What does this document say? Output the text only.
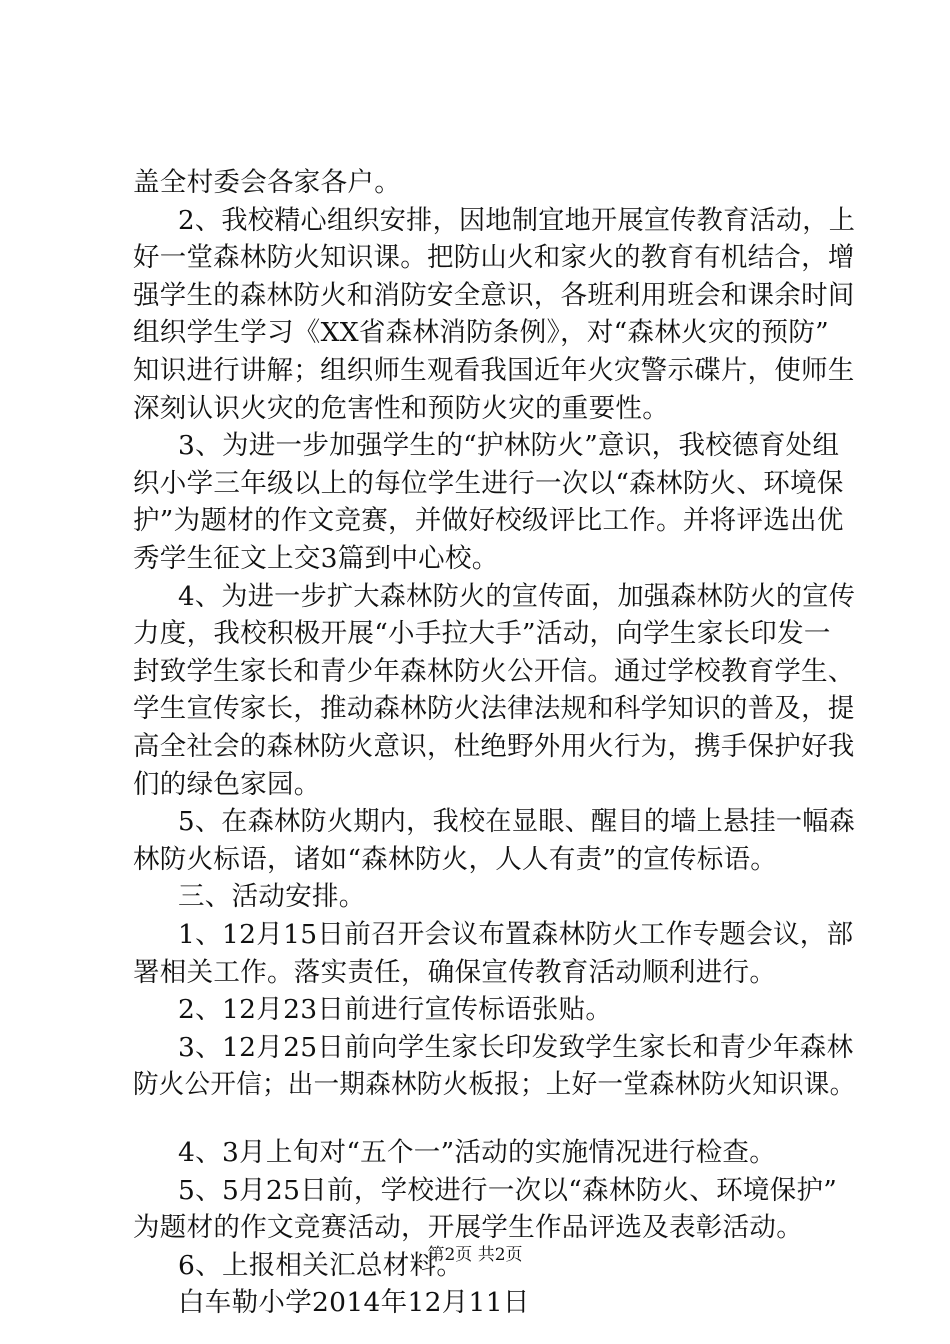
盖全村委会各家各户。
2、我校精心组织安排，因地制宜地开展宣传教育活动，上
好一堂森林防火知识课。把防山火和家火的教育有机结合，增
强学生的森林防火和消防安全意识，各班利用班会和课余时间
组织学生学习《XX省森林消防条例》，对“森林火灾的预防”
知识进行讲解；组织师生观看我国近年火灾警示碟片，使师生
深刻认识火灾的危害性和预防火灾的重要性。
3、为进一步加强学生的“护林防火”意识，我校德育处组
织小学三年级以上的每位学生进行一次以“森林防火、环境保
护”为题材的作文竞赛，并做好校级评比工作。并将评选出优
秀学生征文上交3篇到中心校。
4、为进一步扩大森林防火的宣传面，加强森林防火的宣传
力度，我校积极开展“小手拉大手”活动，向学生家长印发一
封致学生家长和青少年森林防火公开信。通过学校教育学生、
学生宣传家长，推动森林防火法律法规和科学知识的普及，提
高全社会的森林防火意识，杜绝野外用火行为，携手保护好我
们的绿色家园。
5、在森林防火期内，我校在显眼、醒目的墙上悬挂一幅森
林防火标语，诸如“森林防火，人人有责”的宣传标语。
三、活动安排。
1、12月15日前召开会议布置森林防火工作专题会议，部
署相关工作。落实责任，确保宣传教育活动顺利进行。
2、12月23日前进行宣传标语张贴。
3、12月25日前向学生家长印发致学生家长和青少年森林
防火公开信；出一期森林防火板报；上好一堂森林防火知识课。
4、3月上旬对“五个一”活动的实施情况进行检查。
5、5月25日前，学校进行一次以“森林防火、环境保护”
为题材的作文竞赛活动，开展学生作品评选及表彰活动。
第2页 共2页
6、上报相关汇总材料。
白车勒小学2014年12月11日
